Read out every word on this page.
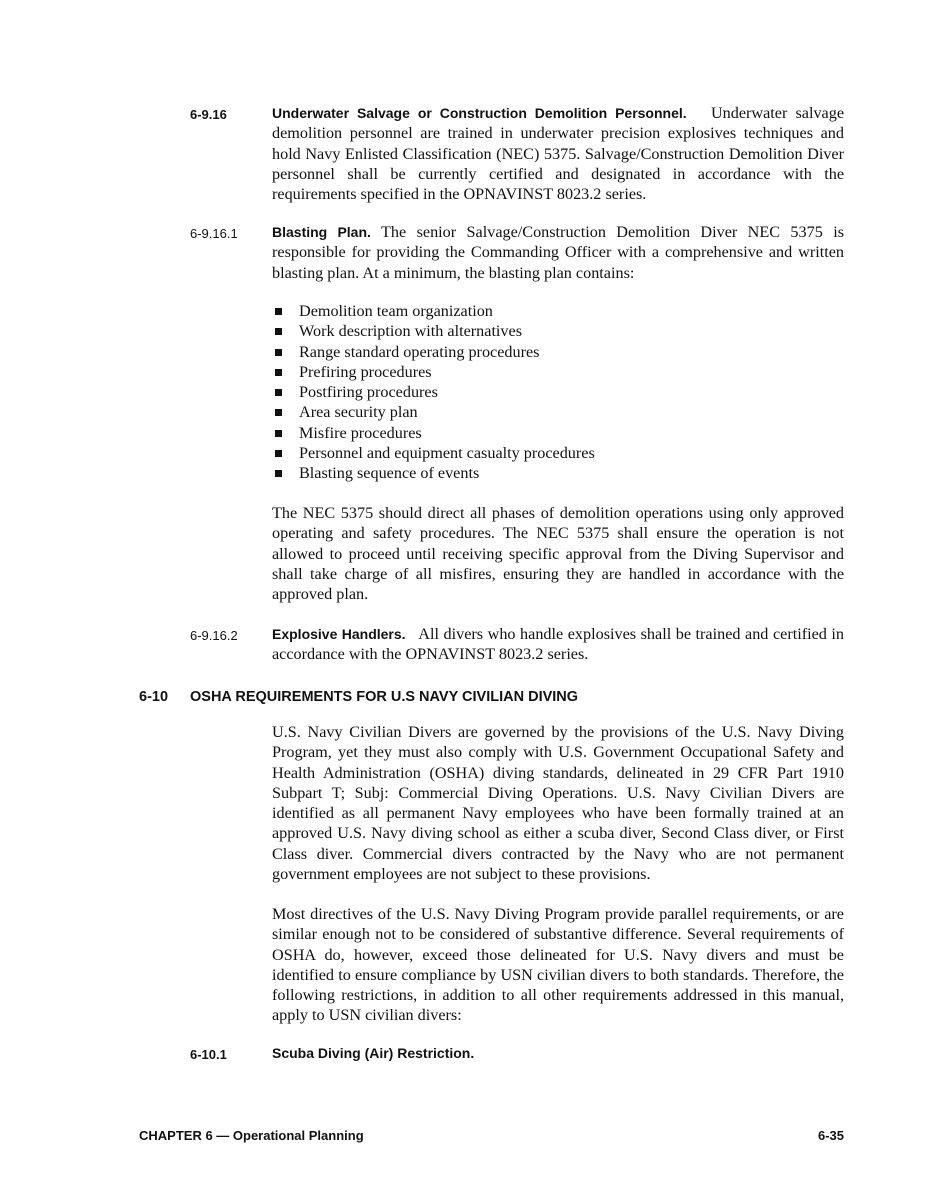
6-9.16	Underwater Salvage or Construction Demolition Personnel. Underwater salvage demolition personnel are trained in underwater precision explosives techniques and hold Navy Enlisted Classification (NEC) 5375. Salvage/Construction Demolition Diver personnel shall be currently certified and designated in accordance with the requirements specified in the OPNAVINST 8023.2 series.
6-9.16.1 Blasting Plan. The senior Salvage/Construction Demolition Diver NEC 5375 is responsible for providing the Commanding Officer with a comprehensive and written blasting plan. At a minimum, the blasting plan contains:
Demolition team organization
Work description with alternatives
Range standard operating procedures
Prefiring procedures
Postfiring procedures
Area security plan
Misfire procedures
Personnel and equipment casualty procedures
Blasting sequence of events
The NEC 5375 should direct all phases of demolition operations using only approved operating and safety procedures. The NEC 5375 shall ensure the operation is not allowed to proceed until receiving specific approval from the Diving Supervisor and shall take charge of all misfires, ensuring they are handled in accordance with the approved plan.
6-9.16.2 Explosive Handlers. All divers who handle explosives shall be trained and certified in accordance with the OPNAVINST 8023.2 series.
6-10 OSHA REQUIREMENTS FOR U.S NAVY CIVILIAN DIVING
U.S. Navy Civilian Divers are governed by the provisions of the U.S. Navy Diving Program, yet they must also comply with U.S. Government Occupational Safety and Health Administration (OSHA) diving standards, delineated in 29 CFR Part 1910 Subpart T; Subj: Commercial Diving Operations. U.S. Navy Civilian Divers are identified as all permanent Navy employees who have been formally trained at an approved U.S. Navy diving school as either a scuba diver, Second Class diver, or First Class diver. Commercial divers contracted by the Navy who are not permanent government employees are not subject to these provisions.
Most directives of the U.S. Navy Diving Program provide parallel requirements, or are similar enough not to be considered of substantive difference. Several requirements of OSHA do, however, exceed those delineated for U.S. Navy divers and must be identified to ensure compliance by USN civilian divers to both standards. Therefore, the following restrictions, in addition to all other requirements addressed in this manual, apply to USN civilian divers:
6-10.1	Scuba Diving (Air) Restriction.
CHAPTER 6 — Operational Planning	6-35
